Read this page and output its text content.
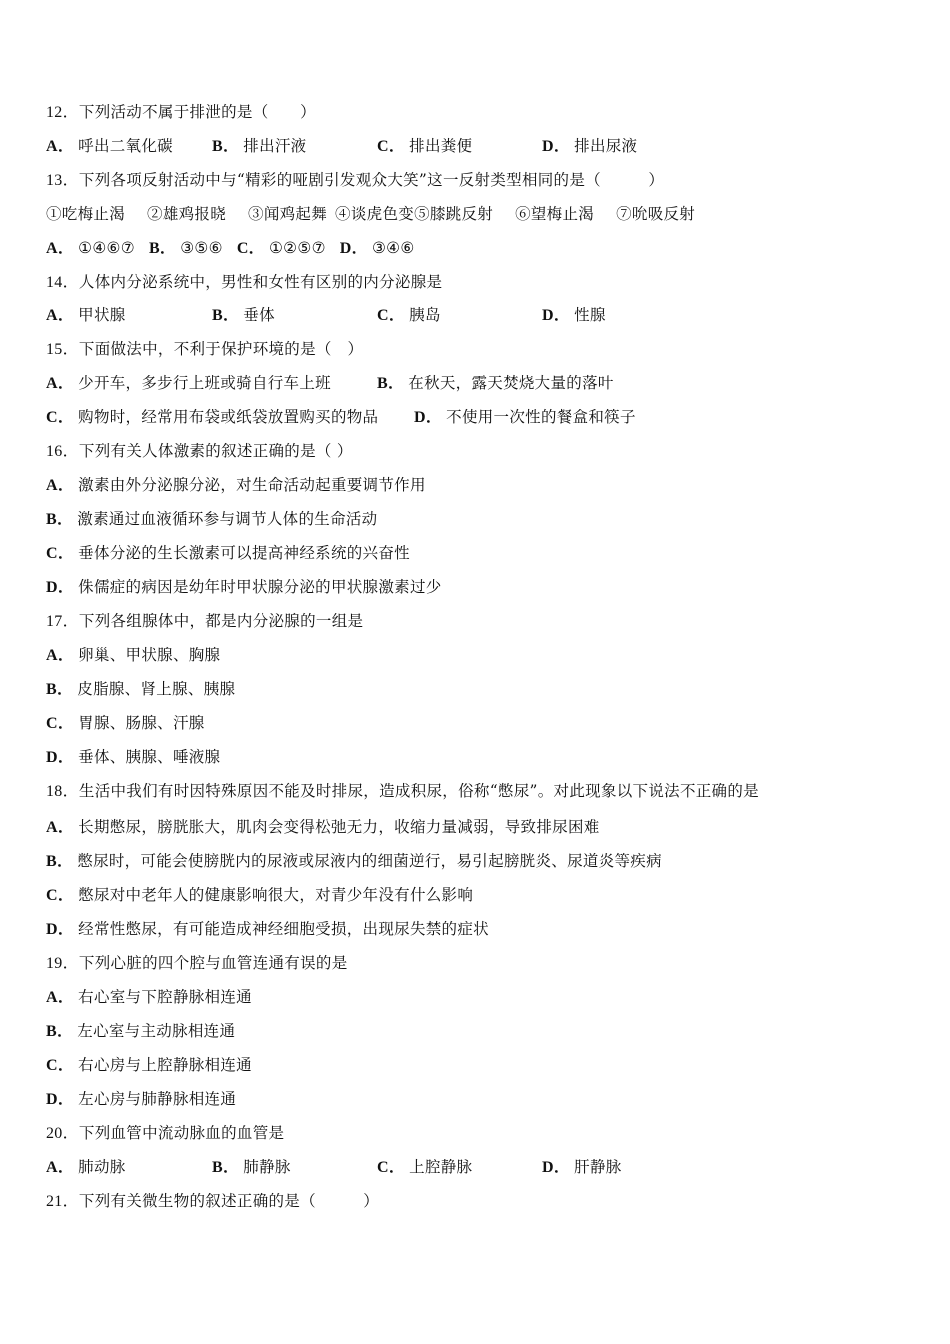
12．下列活动不属于排泄的是（　　）
A． 呼出二氧化碳 B． 排出汗液	C． 排出粪便	D． 排出尿液
13．下列各项反射活动中与“精彩的哑剧引发观众大笑”这一反射类型相同的是（　　　）
①吃梅止渴 ②雄鸡报晓 ③闻鸡起舞 ④谈虎色变⑤膝跳反射 ⑥望梅止渴 ⑦吮吸反射
A． ①④⑥⑦ B． ③⑤⑥ C． ①②⑤⑦ D． ③④⑥
14．人体内分泌系统中，男性和女性有区别的内分泌腺是
A． 甲状腺	B． 垂体	C． 胰岛	D． 性腺
15．下面做法中，不利于保护环境的是（　）
A． 少开车，多步行上班或骑自行车上班	B． 在秋天，露天焚烧大量的落叶
C． 购物时，经常用布袋或纸袋放置购买的物品 D． 不使用一次性的餐盒和筷子
16．下列有关人体激素的叙述正确的是（ ）
A． 激素由外分泌腺分泌，对生命活动起重要调节作用
B． 激素通过血液循环参与调节人体的生命活动
C． 垂体分泌的生长激素可以提高神经系统的兴奋性
D． 侏儒症的病因是幼年时甲状腺分泌的甲状腺激素过少
17．下列各组腺体中，都是内分泌腺的一组是
A． 卵巢、甲状腺、胸腺
B． 皮脂腺、肾上腺、胰腺
C． 胃腺、肠腺、汗腺
D． 垂体、胰腺、唾液腺
18．生活中我们有时因特殊原因不能及时排尿，造成积尿，俗称“憋尿”。对此现象以下说法不正确的是
A． 长期憋尿，膀胱胀大，肌肉会变得松弛无力，收缩力量减弱，导致排尿困难
B． 憋尿时，可能会使膀胱内的尿液或尿液内的细菌逆行，易引起膀胱炎、尿道炎等疾病
C． 憋尿对中老年人的健康影响很大，对青少年没有什么影响
D． 经常性憋尿，有可能造成神经细胞受损，出现尿失禁的症状
19．下列心脏的四个腔与血管连通有误的是
A． 右心室与下腔静脉相连通
B． 左心室与主动脉相连通
C． 右心房与上腔静脉相连通
D． 左心房与肺静脉相连通
20．下列血管中流动脉血的血管是
A． 肺动脉	B． 肺静脉	C． 上腔静脉	D． 肝静脉
21．下列有关微生物的叙述正确的是（　　　）
